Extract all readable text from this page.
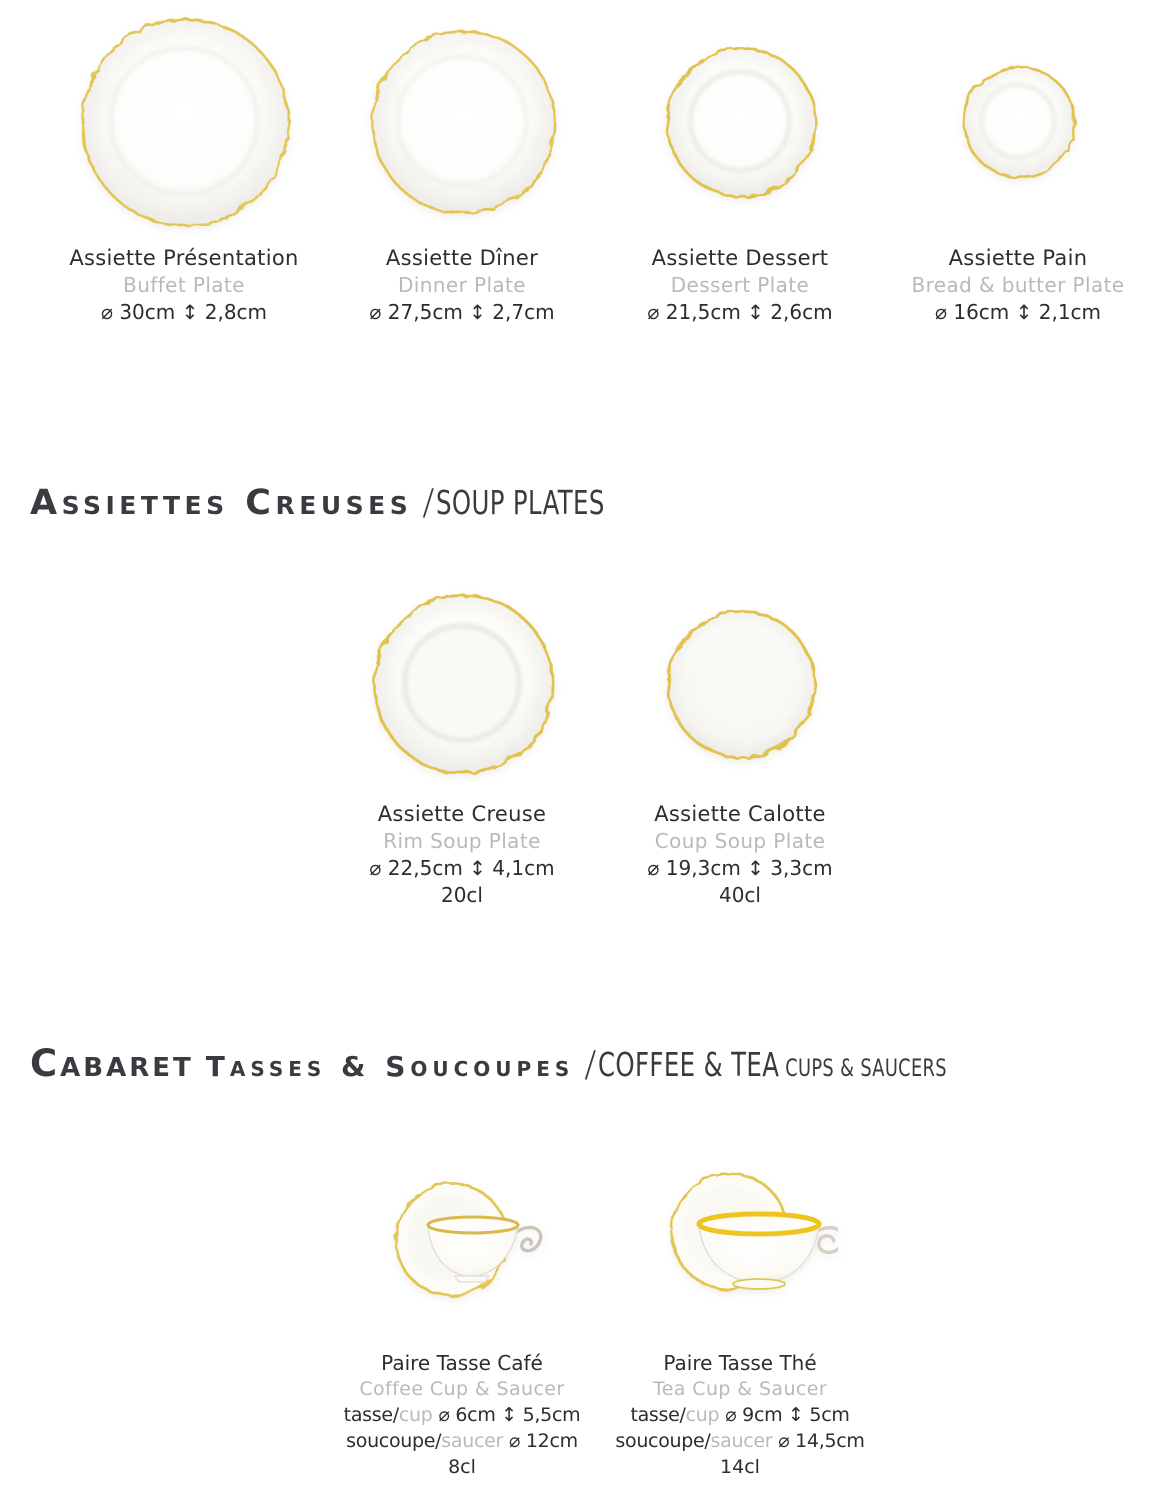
Assiette Présentation
Buffet Plate
⌀ 30cm ↕ 2,8cm
Assiette Dîner
Dinner Plate
⌀ 27,5cm ↕ 2,7cm
Assiette Dessert
Dessert Plate
⌀ 21,5cm ↕ 2,6cm
Assiette Pain
Bread & butter Plate
⌀ 16cm ↕ 2,1cm
Assiettes Creuses /SOUP PLATES
Assiette Creuse
Rim Soup Plate
⌀ 22,5cm ↕ 4,1cm
20cl
Assiette Calotte
Coup Soup Plate
⌀ 19,3cm ↕ 3,3cm
40cl
Cabaret Tasses & Soucoupes /COFFEE & TEA CUPS & SAUCERS
Paire Tasse Café
Coffee Cup & Saucer
tasse/cup ⌀ 6cm ↕ 5,5cm
soucoupe/saucer ⌀ 12cm
8cl
Paire Tasse Thé
Tea Cup & Saucer
tasse/cup ⌀ 9cm ↕ 5cm
soucoupe/saucer ⌀ 14,5cm
14cl
